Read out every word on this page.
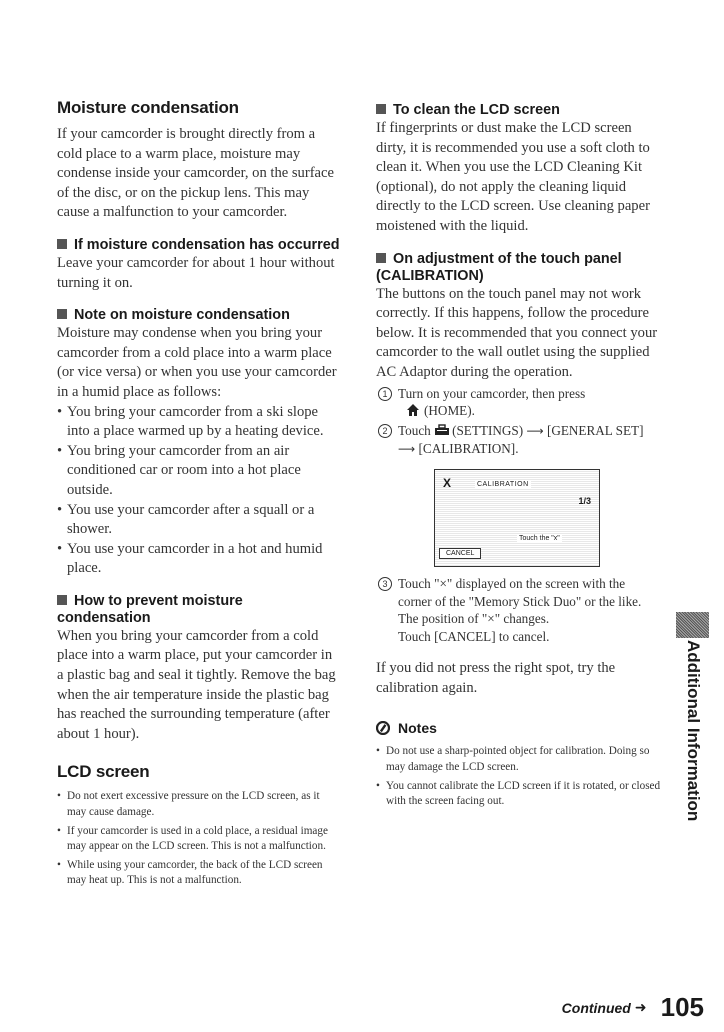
Moisture condensation

If your camcorder is brought directly from a cold place to a warm place, moisture may condense inside your camcorder, on the surface of the disc, or on the pickup lens. This may cause a malfunction to your camcorder.

If moisture condensation has occurred

Leave your camcorder for about 1 hour without turning it on.

Note on moisture condensation

Moisture may condense when you bring your camcorder from a cold place into a warm place (or vice versa) or when you use your camcorder in a humid place as follows:

• You bring your camcorder from a ski slope into a place warmed up by a heating device.
• You bring your camcorder from an air conditioned car or room into a hot place outside.
• You use your camcorder after a squall or a shower.
• You use your camcorder in a hot and humid place.
How to prevent moisture condensation

When you bring your camcorder from a cold place into a warm place, put your camcorder in a plastic bag and seal it tightly. Remove the bag when the air temperature inside the plastic bag has reached the surrounding temperature (after about 1 hour).

LCD screen
• Do not exert excessive pressure on the LCD screen, as it may cause damage.
• If your camcorder is used in a cold place, a residual image may appear on the LCD screen. This is not a malfunction.
• While using your camcorder, the back of the LCD screen may heat up. This is not a malfunction.
To clean the LCD screen

If fingerprints or dust make the LCD screen dirty, it is recommended you use a soft cloth to clean it. When you use the LCD Cleaning Kit (optional), do not apply the cleaning liquid directly to the LCD screen. Use cleaning paper moistened with the liquid.

On adjustment of the touch panel (CALIBRATION)

The buttons on the touch panel may not work correctly. If this happens, follow the procedure below. It is recommended that you connect your camcorder to the wall outlet using the supplied AC Adaptor during the operation.

1 Turn on your camcorder, then press
(HOME).
2 Touch (SETTINGS) ⟶ [GENERAL SET] ⟶ [CALIBRATION].
X	CALIBRATION
1/3
Touch the "x"
CANCEL
3 Touch "×" displayed on the screen with the corner of the "Memory Stick Duo" or the like. The position of "×" changes.
Touch [CANCEL] to cancel.

If you did not press the right spot, try the calibration again.

Notes
• Do not use a sharp-pointed object for calibration. Doing so may damage the LCD screen.
• You cannot calibrate the LCD screen if it is rotated, or closed with the screen facing out.	Additional Information
Continued ➜ 105
